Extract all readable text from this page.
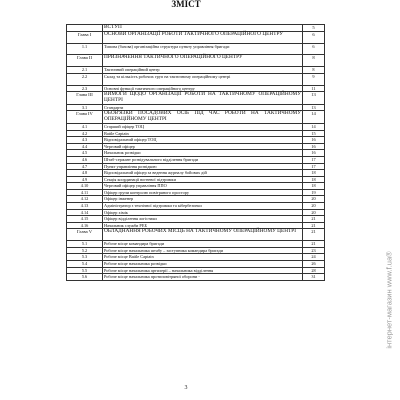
ЗМІСТ
	ВСТУП	5
Глава І	ОСНОВИ ОРГАНІЗАЦІЇ РОБОТИ ТАКТИЧНОГО ОПЕРАЦІЙНОГО ЦЕНТРУ	6
1.1	Типова (базова) організаційна структура пункту управління бригади	6
Глава ІІ	ПРИЗНАЧЕННЯ ТАКТИЧНОГО ОПЕРАЦІЙНОГО ЦЕНТРУ	8
2.1	Тактичний операційний центр	8
2.2	Склад та кількість робочих груп на тактичному операційному центрі	9
2.3	Основні функції тактичного операційного центру	11
Глава ІІІ	ВИМОГИ ЩОДО ОРГАНІЗАЦІЇ РОБОТИ НА ТАКТИЧНОМУ ОПЕРАЦІЙНОМУ ЦЕНТРІ	13
3.1	Стандарти	13
Глава IV	ОБОВ'ЯЗКИ ПОСАДОВИХ ОСІБ ПІД ЧАС РОБОТИ НА ТАКТИЧНОМУ ОПЕРАЦІЙНОМУ ЦЕНТРІ	14
4.1	Старший офіцер ТОЦ	14
4.2	Battle Captain	15
4.3	Відповідальний офіцер ТОЦ	16
4.4	Черговий офіцер	16
4.5	Начальник розвідки	16
4.6	Штаб-сержант розвідувального відділення бригади	17
4.7	Пункт управління розвідкою	17
4.8	Відповідальний офіцер за ведення журналу бойових дій	18
4.9	Секція координації вогневої підтримки	18
4.10	Черговий офіцер управління ППО	18
4.11	Офіцер групи контролю повітряного простору	19
4.12	Офіцер інженер	20
4.13	Адміністратор з технічної підтримки та кібербезпеки	20
4.14	Офіцер хімік	20
4.15	Офіцер відділення логістики	21
4.16	Начальник служби РЕБ	21
Глава V	ОБЛАДНАННЯ РОБОЧИХ МІСЦЬ НА ТАКТИЧНОМУ ОПЕРАЦІЙНОМУ ЦЕНТРІ	21
5.1	Робоче місце командира бригади	21
5.2	Робоче місце начальника штабу – заступника командира бригади	23
5.3	Робоче місце Battle Captain	24
5.4	Робоче місце начальника розвідки	26
5.5	Робоче місце начальника артилерії – начальника відділення	28
5.6	Робоче місце начальника протиповітряної оборони -	31
3
інтернет-магазин www.f.ua®
